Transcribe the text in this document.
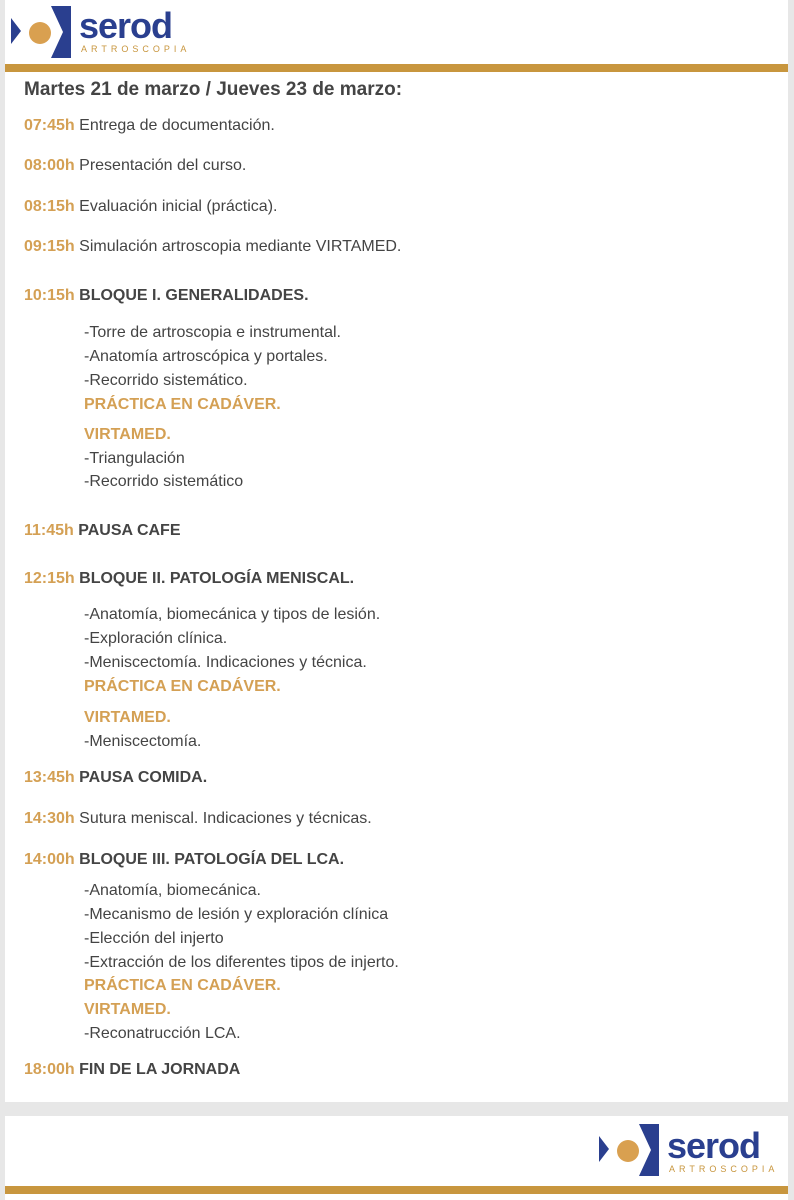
serod
ARTROSCOPIA
Martes 21 de marzo / Jueves 23 de marzo:
07:45h Entrega de documentación.
08:00h Presentación del curso.
08:15h Evaluación inicial (práctica).
09:15h Simulación artroscopia mediante VIRTAMED.
10:15h BLOQUE I. GENERALIDADES.
-Torre de artroscopia e instrumental.
-Anatomía artroscópica y portales.
-Recorrido sistemático.
PRÁCTICA EN CADÁVER.
VIRTAMED.
-Triangulación
-Recorrido sistemático
11:45h PAUSA CAFE
12:15h BLOQUE II. PATOLOGÍA MENISCAL.
-Anatomía, biomecánica y tipos de lesión.
-Exploración clínica.
-Meniscectomía. Indicaciones y técnica.
PRÁCTICA EN CADÁVER.
VIRTAMED.
-Meniscectomía.
13:45h PAUSA COMIDA.
14:30h Sutura meniscal. Indicaciones y técnicas.
14:00h BLOQUE III. PATOLOGÍA DEL LCA.
-Anatomía, biomecánica.
-Mecanismo de lesión y exploración clínica
-Elección del injerto
-Extracción de los diferentes tipos de injerto.
PRÁCTICA EN CADÁVER.
VIRTAMED.
-Reconatrucción LCA.
18:00h FIN DE LA JORNADA
serod
ARTROSCOPIA
